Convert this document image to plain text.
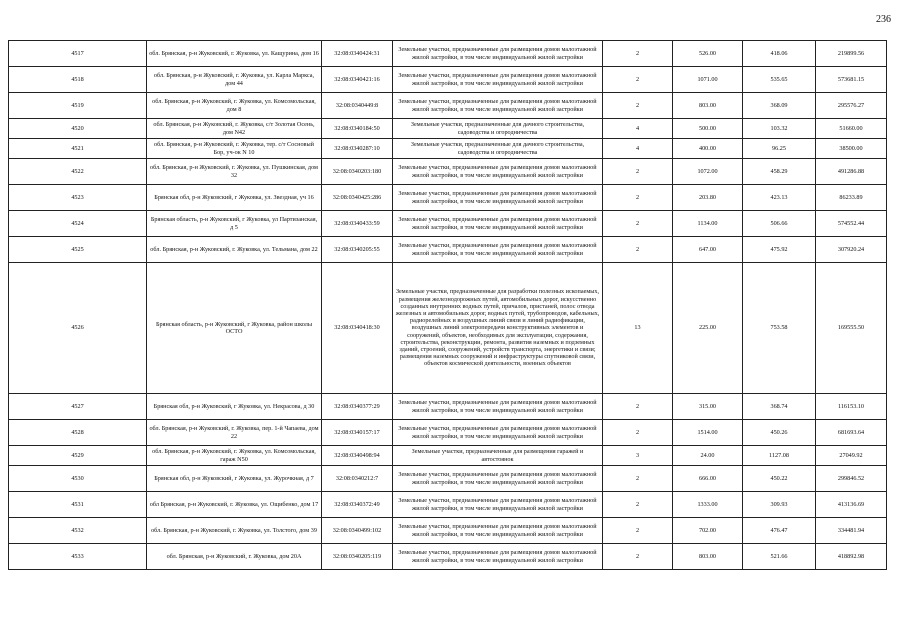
236
4517	обл. Брянская, р-н Жуковский, г. Жуковка, ул. Кащурина, дом 16	32:08:0340424:31	Земельные участки, предназначенные для размещения домов малоэтажной жилой застройки, в том числе индивидуальной жилой застройки	2	526.00	418.06	219899.56
4518	обл. Брянская, р-н Жуковский, г. Жуковка, ул. Карла Маркса, дом 44	32:08:0340421:16	Земельные участки, предназначенные для размещения домов малоэтажной жилой застройки, в том числе индивидуальной жилой застройки	2	1071.00	535.65	573681.15
4519	обл. Брянская, р-н Жуковский, г. Жуковка, ул. Комсомольская, дом 8	32:08:0340449:8	Земельные участки, предназначенные для размещения домов малоэтажной жилой застройки, в том числе индивидуальной жилой застройки	2	803.00	368.09	295576.27
4520	обл. Брянская, р-н Жуковский, г. Жуковка, с/т Золотая Осень, дом N42	32:08:0340184:50	Земельные участки, предназначенные для дачного строительства, садоводства и огородничества	4	500.00	103.32	51660.00
4521	обл. Брянская, р-н Жуковский, г. Жуковка, тер. с/т Сосновый Бор, уч-ок N 10	32:08:0340287:10	Земельные участки, предназначенные для дачного строительства, садоводства и огородничества	4	400.00	96.25	38500.00
4522	обл. Брянская, р-н Жуковский, г. Жуковка, ул. Пушкинская, дом 32	32:08:0340203:180	Земельные участки, предназначенные для размещения домов малоэтажной жилой застройки, в том числе индивидуальной жилой застройки	2	1072.00	458.29	491286.88
4523	Брянская обл, р-н Жуковский, г Жуковка, ул. Звездная, уч 16	32:08:0340425:286	Земельные участки, предназначенные для размещения домов малоэтажной жилой застройки, в том числе индивидуальной жилой застройки	2	203.80	423.13	86233.89
4524	Брянская область, р-н Жуковский, г Жуковка, ул Партизанская, д 5	32:08:0340433:59	Земельные участки, предназначенные для размещения домов малоэтажной жилой застройки, в том числе индивидуальной жилой застройки	2	1134.00	506.66	574552.44
4525	обл. Брянская, р-н Жуковский, г. Жуковка, ул. Тельмана, дом 22	32:08:0340205:55	Земельные участки, предназначенные для размещения домов малоэтажной жилой застройки, в том числе индивидуальной жилой застройки	2	647.00	475.92	307920.24
4526	Брянская область, р-н Жуковский, г Жуковка, район школы ОСТО	32:08:0340418:30	Земельные участки, предназначенные для разработки полезных ископаемых, размещения железнодорожных путей, автомобильных дорог, искусственно созданных внутренних водных путей, причалов, пристаней, полос отвода железных и автомобильных дорог, водных путей, трубопроводов, кабельных, радиорелейных и воздушных линий связи и линий радиофикации, воздушных линий электропередачи конструктивных элементов и сооружений, объектов, необходимых для эксплуатации, содержания, строительства, реконструкции, ремонта, развития наземных и подземных зданий, строений, сооружений, устройств транспорта, энергетики и связи; размещения наземных сооружений и инфраструктуры спутниковой связи, объектов космической деятельности, военных объектов	13	225.00	753.58	169555.50
4527	Брянская обл, р-н Жуковский, г Жуковка, ул. Некрасова, д 30	32:08:0340377:29	Земельные участки, предназначенные для размещения домов малоэтажной жилой застройки, в том числе индивидуальной жилой застройки	2	315.00	368.74	116153.10
4528	обл. Брянская, р-н Жуковский, г. Жуковка, пер. 1-й Чапаева, дом 22	32:08:0340157:17	Земельные участки, предназначенные для размещения домов малоэтажной жилой застройки, в том числе индивидуальной жилой застройки	2	1514.00	450.26	681693.64
4529	обл. Брянская, р-н Жуковский, г. Жуковка, ул. Комсомольская, гараж N50	32:08:0340498:94	Земельные участки, предназначенные для размещения гаражей и автостоянок	3	24.00	1127.08	27049.92
4530	Брянская обл, р-н Жуковский, г Жуковка, ул. Журочкная, д 7	32:08:0340212:7	Земельные участки, предназначенные для размещения домов малоэтажной жилой застройки, в том числе индивидуальной жилой застройки	2	666.00	450.22	299846.52
4531	обл Брянская, р-н Жуковский, г. Жуковка, ул. Ощибенко, дом 17	32:08:0340372:49	Земельные участки, предназначенные для размещения домов малоэтажной жилой застройки, в том числе индивидуальной жилой застройки	2	1333.00	309.93	413136.69
4532	обл. Брянская, р-н Жуковский, г. Жуковка, ул. Толстого, дом 39	32:08:0340499:102	Земельные участки, предназначенные для размещения домов малоэтажной жилой застройки, в том числе индивидуальной жилой застройки	2	702.00	476.47	334481.94
4533	обл. Брянская, р-н Жуковский, г. Жуковка, дом 20А	32:08:0340205:119	Земельные участки, предназначенные для размещения домов малоэтажной жилой застройки, в том числе индивидуальной жилой застройки	2	803.00	521.66	418892.98
